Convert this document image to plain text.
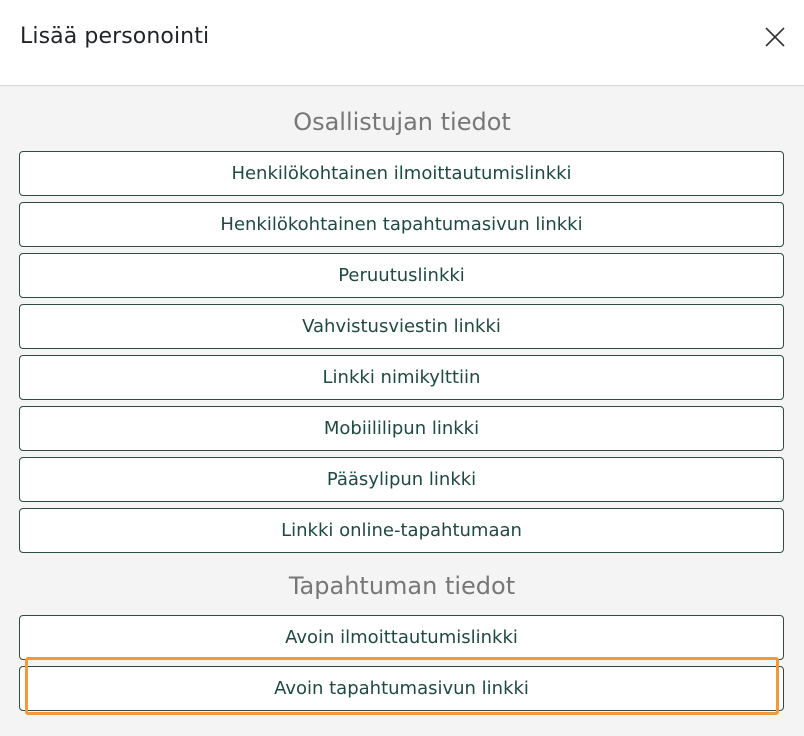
Lisää personointi
Osallistujan tiedot
Henkilökohtainen ilmoittautumislinkki
Henkilökohtainen tapahtumasivun linkki
Peruutuslinkki
Vahvistusviestin linkki
Linkki nimikylttiin
Mobiililipun linkki
Pääsylipun linkki
Linkki online-tapahtumaan
Tapahtuman tiedot
Avoin ilmoittautumislinkki
Avoin tapahtumasivun linkki
